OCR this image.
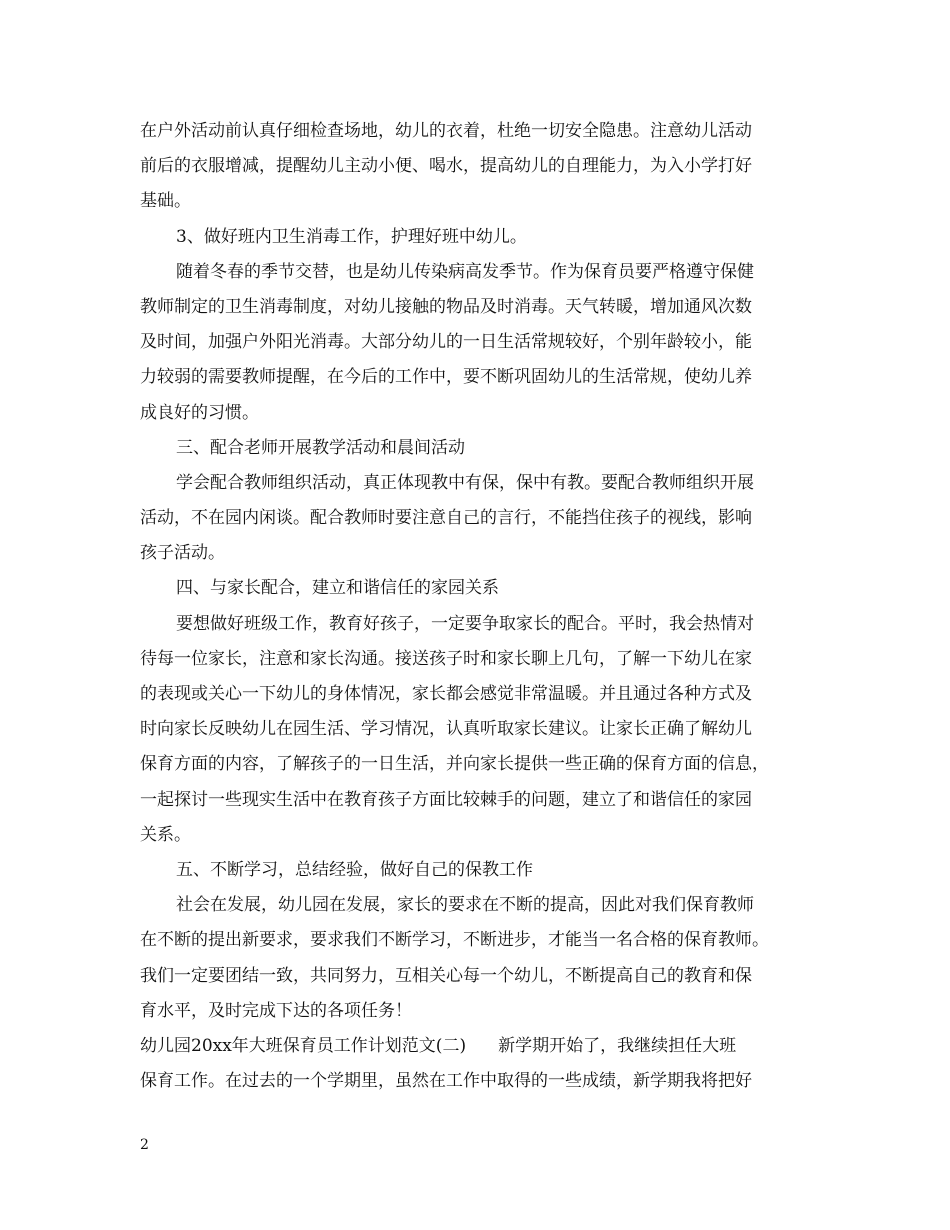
在户外活动前认真仔细检查场地，幼儿的衣着，杜绝一切安全隐患。注意幼儿活动
前后的衣服增减，提醒幼儿主动小便、喝水，提高幼儿的自理能力，为入小学打好
基础。
3、做好班内卫生消毒工作，护理好班中幼儿。
随着冬春的季节交替，也是幼儿传染病高发季节。作为保育员要严格遵守保健
教师制定的卫生消毒制度，对幼儿接触的物品及时消毒。天气转暖，增加通风次数
及时间，加强户外阳光消毒。大部分幼儿的一日生活常规较好，个别年龄较小，能
力较弱的需要教师提醒，在今后的工作中，要不断巩固幼儿的生活常规，使幼儿养
成良好的习惯。
三、配合老师开展教学活动和晨间活动
学会配合教师组织活动，真正体现教中有保，保中有教。要配合教师组织开展
活动，不在园内闲谈。配合教师时要注意自己的言行，不能挡住孩子的视线，影响
孩子活动。
四、与家长配合，建立和谐信任的家园关系
要想做好班级工作，教育好孩子，一定要争取家长的配合。平时，我会热情对
待每一位家长，注意和家长沟通。接送孩子时和家长聊上几句，了解一下幼儿在家
的表现或关心一下幼儿的身体情况，家长都会感觉非常温暖。并且通过各种方式及
时向家长反映幼儿在园生活、学习情况，认真听取家长建议。让家长正确了解幼儿
保育方面的内容，了解孩子的一日生活，并向家长提供一些正确的保育方面的信息，
一起探讨一些现实生活中在教育孩子方面比较棘手的问题，建立了和谐信任的家园
关系。
五、不断学习，总结经验，做好自己的保教工作
社会在发展，幼儿园在发展，家长的要求在不断的提高，因此对我们保育教师
在不断的提出新要求，要求我们不断学习，不断进步，才能当一名合格的保育教师。
我们一定要团结一致，共同努力，互相关心每一个幼儿，不断提高自己的教育和保
育水平，及时完成下达的各项任务！
幼儿园20xx年大班保育员工作计划范文(二) 新学期开始了，我继续担任大班
保育工作。在过去的一个学期里，虽然在工作中取得的一些成绩，新学期我将把好
2
